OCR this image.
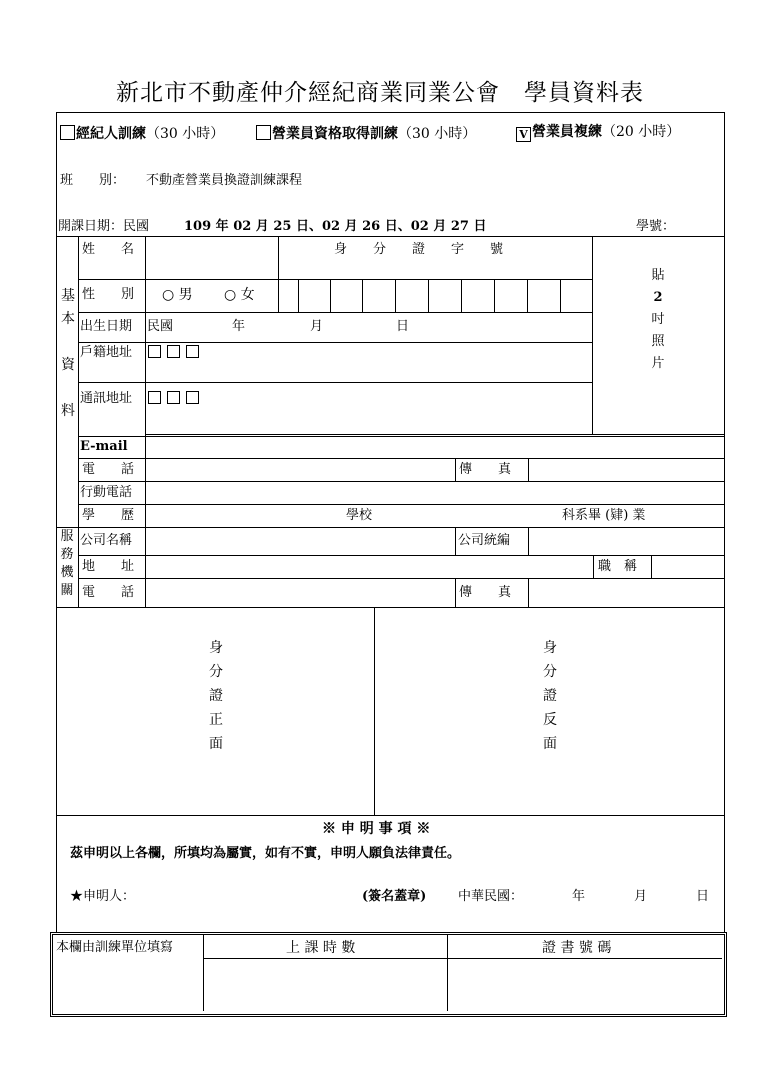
新北市不動產仲介經紀商業同業公會　學員資料表
經紀人訓練（30 小時）	營業員資格取得訓練（30 小時）	V 營業員複練（20 小時）
班　　別： 不動產營業員換證訓練課程
開課日期：民國	109 年 02 月 25 日、02 月 26 日、02 月 27 日	學號：
基
本
資
料
姓　　名	身　　分　　證　　字　　號
性　　別 ○ 男 ○ 女
出生日期 民國	年	月	日
戶籍地址
通訊地址
E-mail
電　　話	傳　　真
行動電話
學　　歷	學校	科系畢 (肄) 業
貼
2
吋
照
片
服
務
機
關
公司名稱	公司統編
地　　址	職　稱
電　　話	傳　　真
身
分
證
正
面
身
分
證
反
面
※ 申 明 事 項 ※
茲申明以上各欄，所填均為屬實，如有不實，申明人願負法律責任。
★申明人：	(簽名蓋章) 中華民國：	年	月	日
本欄由訓練單位填寫	上 課 時 數	證 書 號 碼
